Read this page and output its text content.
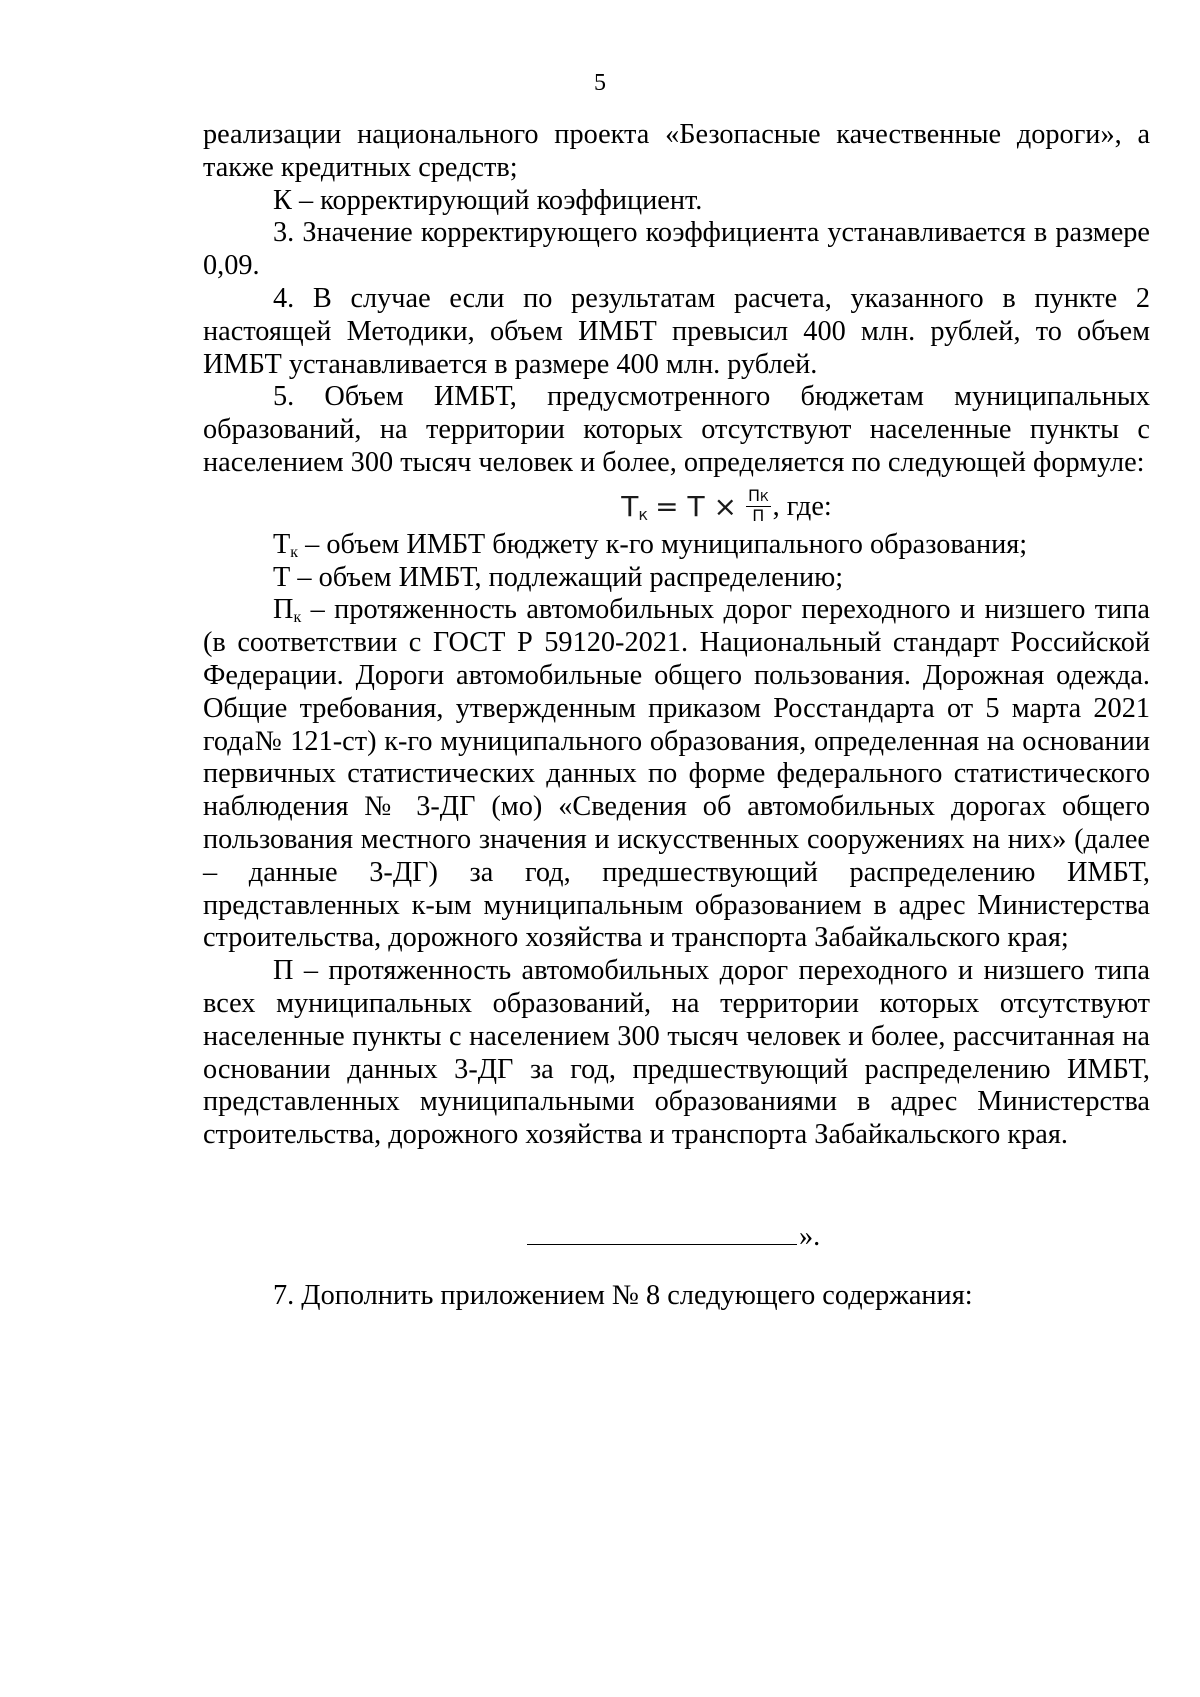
5

реализации национального проекта «Безопасные качественные дороги», а также кредитных средств;

К – корректирующий коэффициент.

3. Значение корректирующего коэффициента устанавливается в размере 0,09.

4. В случае если по результатам расчета, указанного в пункте 2 настоящей Методики, объем ИМБТ превысил 400 млн. рублей, то объем ИМБТ устанавливается в размере 400 млн. рублей.

5. Объем ИМБТ, предусмотренного бюджетам муниципальных образований, на территории которых отсутствуют населенные пункты с населением 300 тысяч человек и более, определяется по следующей формуле:

$Т_к = Т \times \frac{ПК}{П}$ , где:

$Т_к$ – объем ИМБТ бюджету к-го муниципального образования;

Т – объем ИМБТ, подлежащий распределению;

$П_к$ – протяженность автомобильных дорог переходного и низшего типа (в соответствии с ГОСТ Р 59120-2021. Национальный стандарт Российской Федерации. Дороги автомобильные общего пользования. Дорожная одежда. Общие требования, утвержденным приказом Росстандарта от 5 марта 2021 года№ 121-ст) к-го муниципального образования, определенная на основании первичных статистических данных по форме федерального статистического наблюдения № 3-ДГ (мо) «Сведения об автомобильных дорогах общего пользования местного значения и искусственных сооружениях на них» (далее – данные 3-ДГ) за год, предшествующий распределению ИМБТ, представленных к-ым муниципальным образованием в адрес Министерства строительства, дорожного хозяйства и транспорта Забайкальского края;

П – протяженность автомобильных дорог переходного и низшего типа всех муниципальных образований, на территории которых отсутствуют населенные пункты с населением 300 тысяч человек и более, рассчитанная на основании данных 3-ДГ за год, предшествующий распределению ИМБТ, представленных муниципальными образованиями в адрес Министерства строительства, дорожного хозяйства и транспорта Забайкальского края.

».
7. Дополнить приложением № 8 следующего содержания:
